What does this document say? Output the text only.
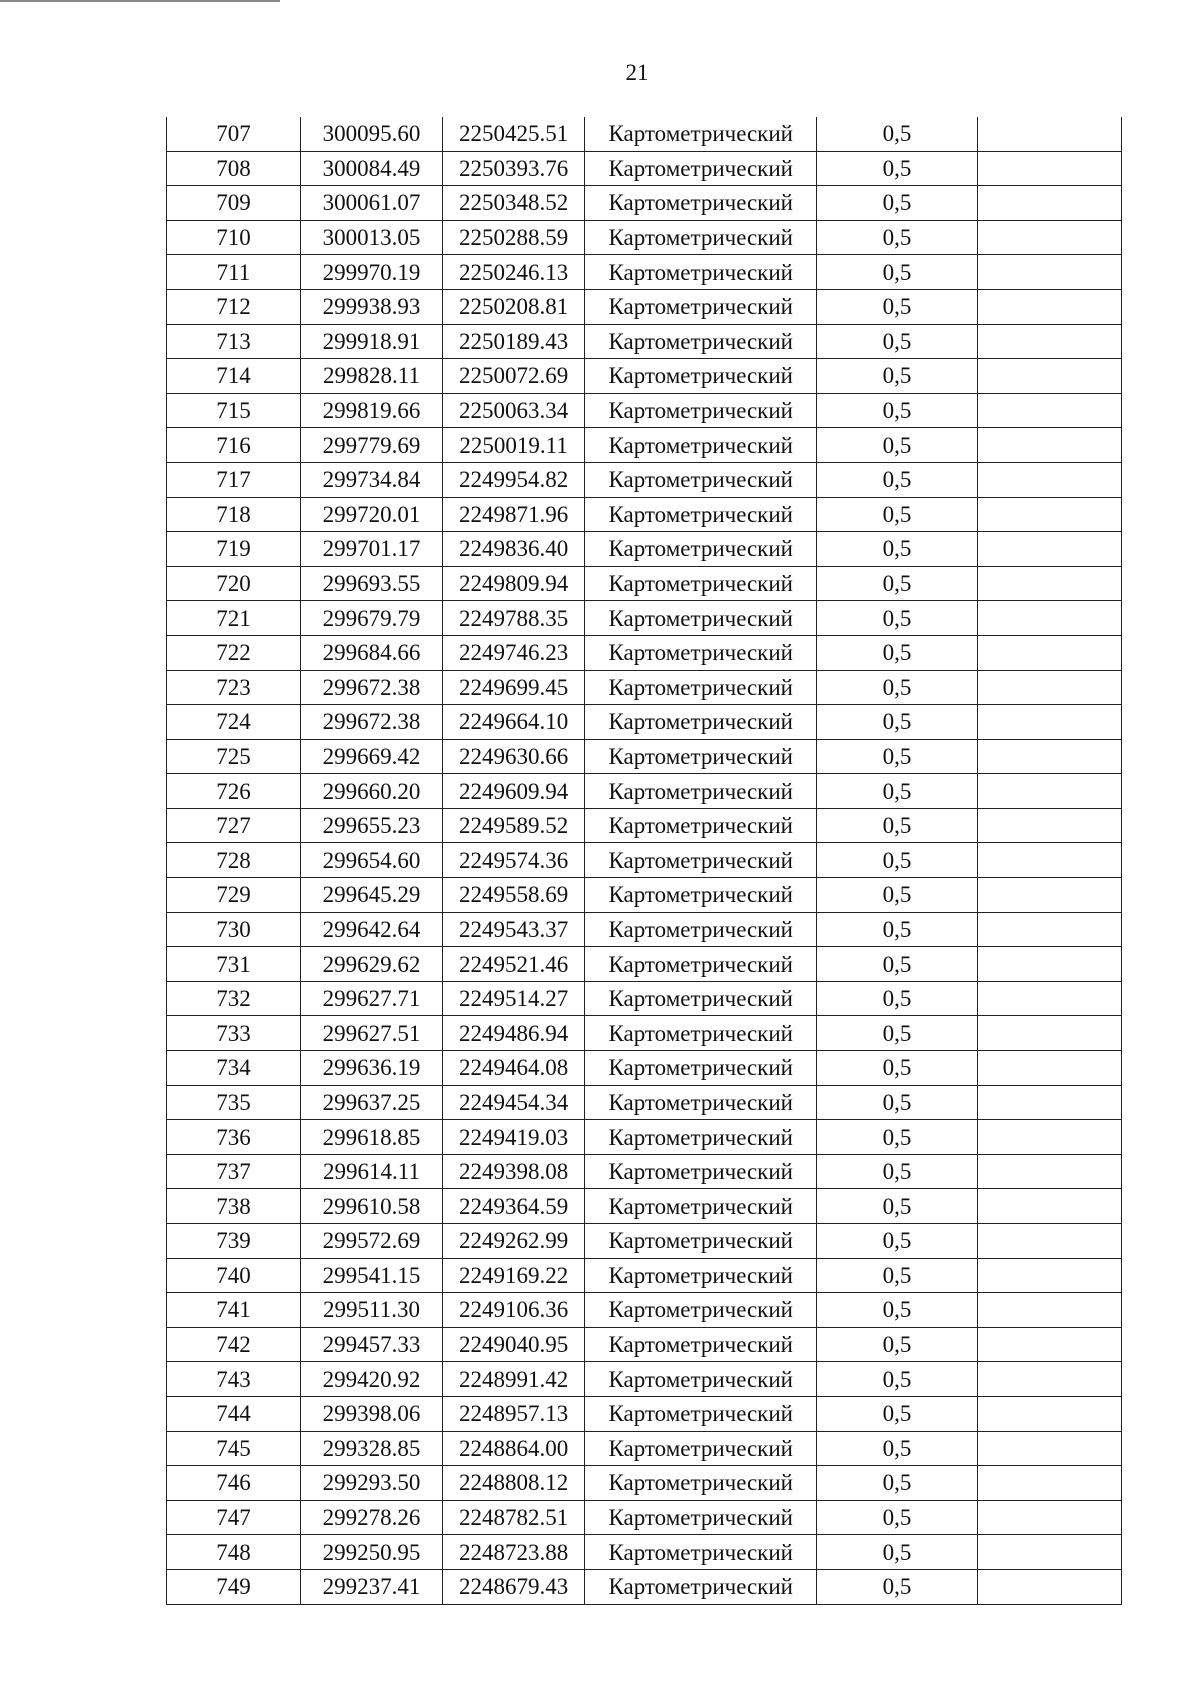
21
707	300095.60	2250425.51	Картометрический	0,5	
708	300084.49	2250393.76	Картометрический	0,5	
709	300061.07	2250348.52	Картометрический	0,5	
710	300013.05	2250288.59	Картометрический	0,5	
711	299970.19	2250246.13	Картометрический	0,5	
712	299938.93	2250208.81	Картометрический	0,5	
713	299918.91	2250189.43	Картометрический	0,5	
714	299828.11	2250072.69	Картометрический	0,5	
715	299819.66	2250063.34	Картометрический	0,5	
716	299779.69	2250019.11	Картометрический	0,5	
717	299734.84	2249954.82	Картометрический	0,5	
718	299720.01	2249871.96	Картометрический	0,5	
719	299701.17	2249836.40	Картометрический	0,5	
720	299693.55	2249809.94	Картометрический	0,5	
721	299679.79	2249788.35	Картометрический	0,5	
722	299684.66	2249746.23	Картометрический	0,5	
723	299672.38	2249699.45	Картометрический	0,5	
724	299672.38	2249664.10	Картометрический	0,5	
725	299669.42	2249630.66	Картометрический	0,5	
726	299660.20	2249609.94	Картометрический	0,5	
727	299655.23	2249589.52	Картометрический	0,5	
728	299654.60	2249574.36	Картометрический	0,5	
729	299645.29	2249558.69	Картометрический	0,5	
730	299642.64	2249543.37	Картометрический	0,5	
731	299629.62	2249521.46	Картометрический	0,5	
732	299627.71	2249514.27	Картометрический	0,5	
733	299627.51	2249486.94	Картометрический	0,5	
734	299636.19	2249464.08	Картометрический	0,5	
735	299637.25	2249454.34	Картометрический	0,5	
736	299618.85	2249419.03	Картометрический	0,5	
737	299614.11	2249398.08	Картометрический	0,5	
738	299610.58	2249364.59	Картометрический	0,5	
739	299572.69	2249262.99	Картометрический	0,5	
740	299541.15	2249169.22	Картометрический	0,5	
741	299511.30	2249106.36	Картометрический	0,5	
742	299457.33	2249040.95	Картометрический	0,5	
743	299420.92	2248991.42	Картометрический	0,5	
744	299398.06	2248957.13	Картометрический	0,5	
745	299328.85	2248864.00	Картометрический	0,5	
746	299293.50	2248808.12	Картометрический	0,5	
747	299278.26	2248782.51	Картометрический	0,5	
748	299250.95	2248723.88	Картометрический	0,5	
749	299237.41	2248679.43	Картометрический	0,5	
